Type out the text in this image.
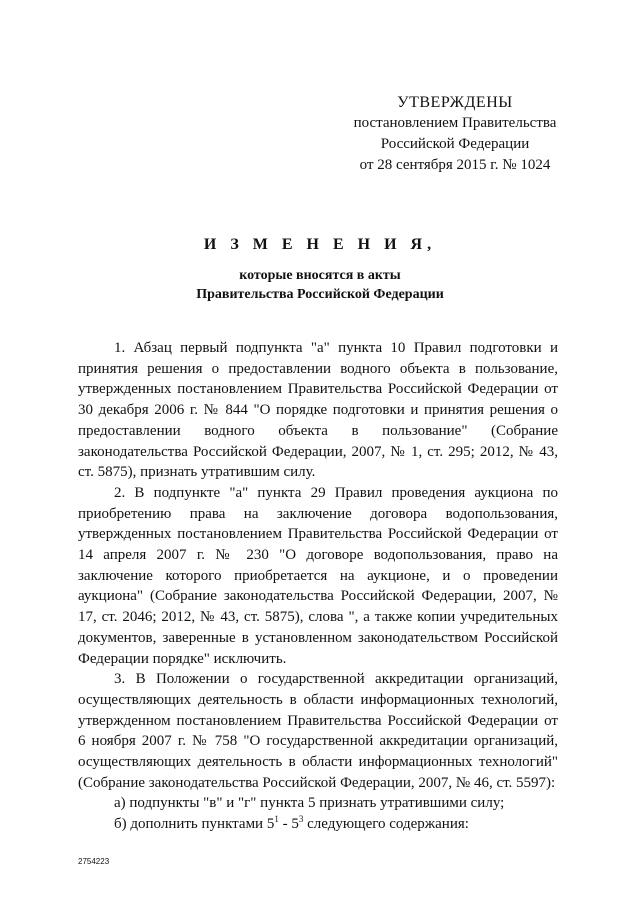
УТВЕРЖДЕНЫ
постановлением Правительства
Российской Федерации
от 28 сентября 2015 г. № 1024
И З М Е Н Е Н И Я,
которые вносятся в акты
Правительства Российской Федерации

1. Абзац первый подпункта "а" пункта 10 Правил подготовки и принятия решения о предоставлении водного объекта в пользование, утвержденных постановлением Правительства Российской Федерации от 30 декабря 2006 г. № 844 "О порядке подготовки и принятия решения о предоставлении водного объекта в пользование" (Собрание законодательства Российской Федерации, 2007, № 1, ст. 295; 2012, № 43, ст. 5875), признать утратившим силу.

2. В подпункте "а" пункта 29 Правил проведения аукциона по приобретению права на заключение договора водопользования, утвержденных постановлением Правительства Российской Федерации от 14 апреля 2007 г. № 230 "О договоре водопользования, право на заключение которого приобретается на аукционе, и о проведении аукциона" (Собрание законодательства Российской Федерации, 2007, № 17, ст. 2046; 2012, № 43, ст. 5875), слова ", а также копии учредительных документов, заверенные в установленном законодательством Российской Федерации порядке" исключить.

3. В Положении о государственной аккредитации организаций, осуществляющих деятельность в области информационных технологий, утвержденном постановлением Правительства Российской Федерации от 6 ноября 2007 г. № 758 "О государственной аккредитации организаций, осуществляющих деятельность в области информационных технологий" (Собрание законодательства Российской Федерации, 2007, № 46, ст. 5597):

а) подпункты "в" и "г" пункта 5 признать утратившими силу;

б) дополнить пунктами $5^1 - 5^3$ следующего содержания:

2754223
